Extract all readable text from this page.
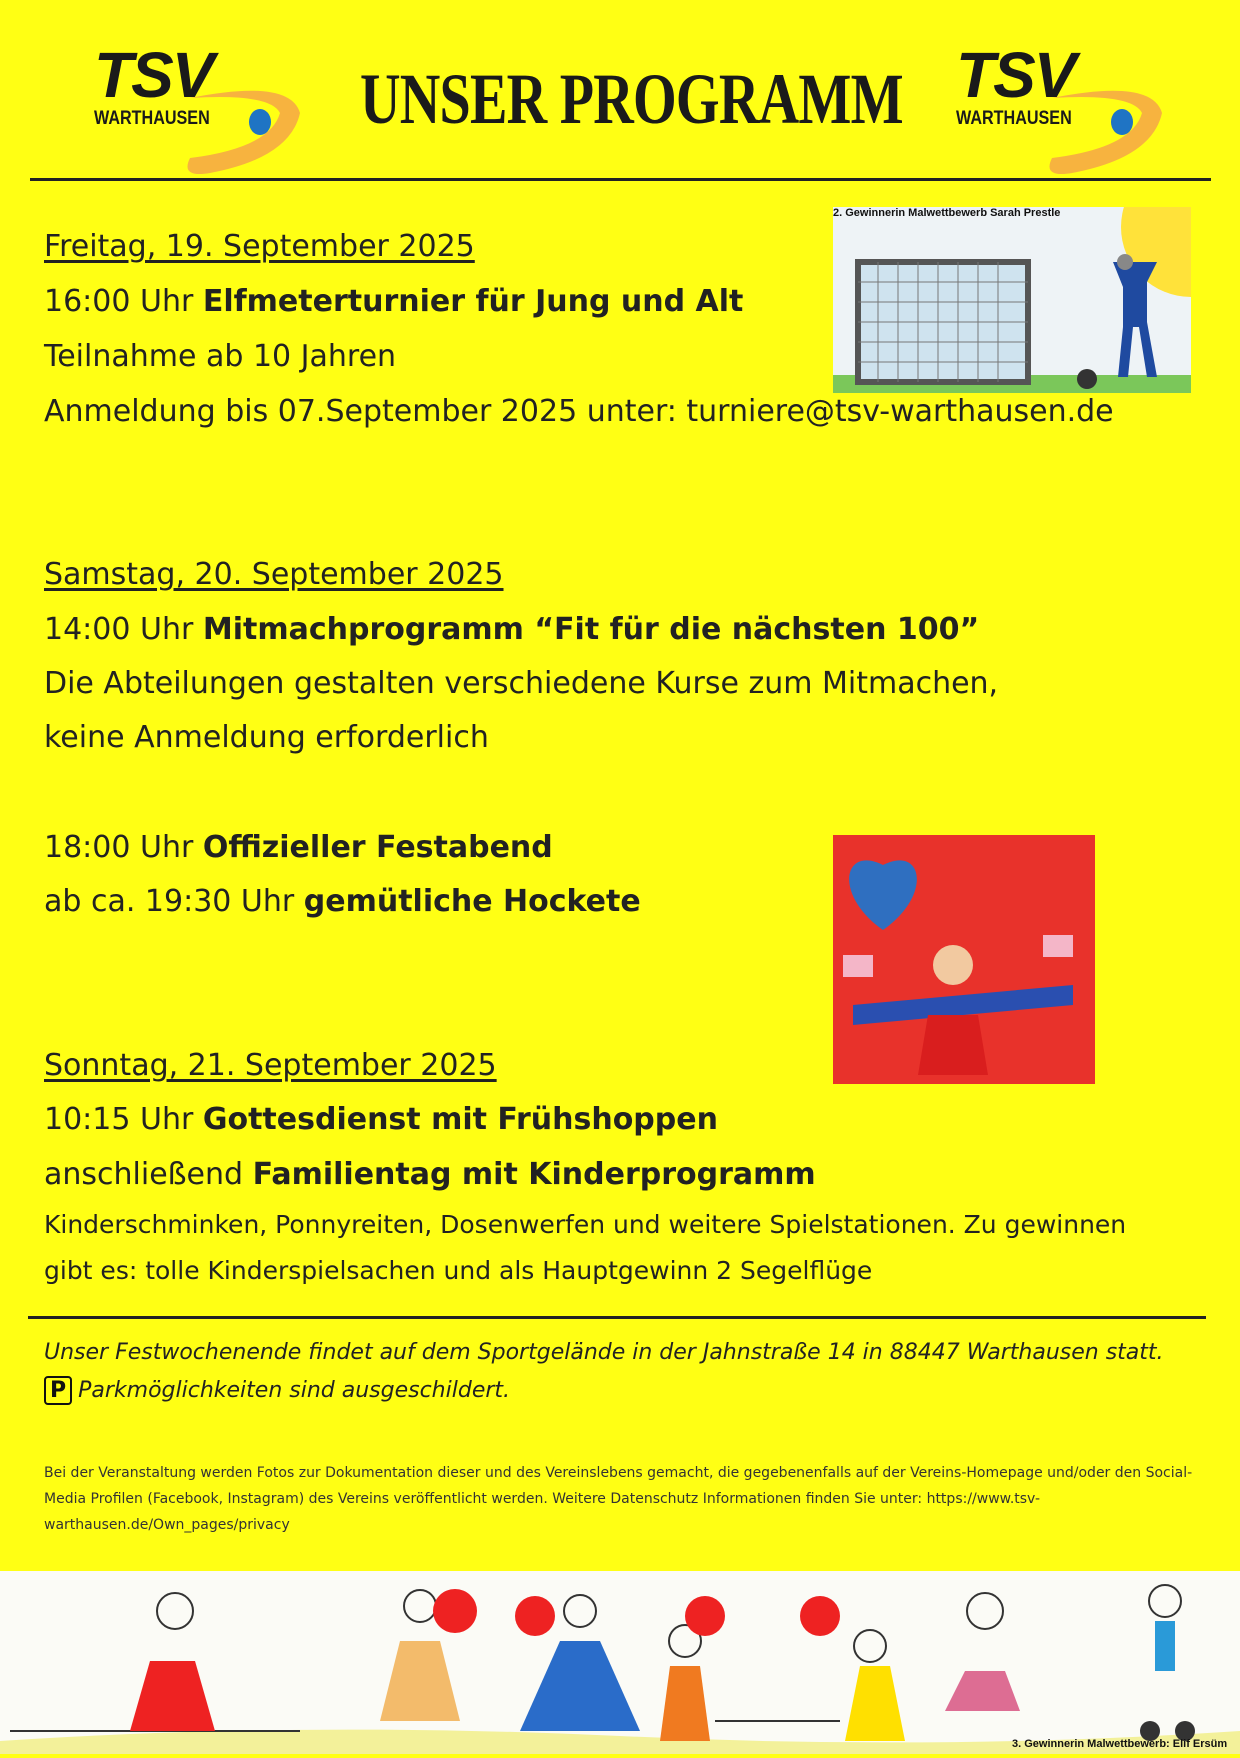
TSV
WARTHAUSEN UNSER PROGRAMM TSV
WARTHAUSEN
2. Gewinnerin Malwettbewerb Sarah Prestle
Freitag, 19. September 2025
16:00 Uhr Elfmeterturnier für Jung und Alt
Teilnahme ab 10 Jahren
Anmeldung bis 07.September 2025 unter: turniere@tsv-warthausen.de
Samstag, 20. September 2025
14:00 Uhr Mitmachprogramm “Fit für die nächsten 100”
Die Abteilungen gestalten verschiedene Kurse zum Mitmachen,
keine Anmeldung erforderlich
18:00 Uhr Offizieller Festabend
ab ca. 19:30 Uhr gemütliche Hockete
Sonntag, 21. September 2025
10:15 Uhr Gottesdienst mit Frühshoppen
anschließend Familientag mit Kinderprogramm
Kinderschminken, Ponnyreiten, Dosenwerfen und weitere Spielstationen. Zu gewinnen
gibt es: tolle Kinderspielsachen und als Hauptgewinn 2 Segelflüge
Unser Festwochenende findet auf dem Sportgelände in der Jahnstraße 14 in 88447 Warthausen statt.
P Parkmöglichkeiten sind ausgeschildert.
Bei der Veranstaltung werden Fotos zur Dokumentation dieser und des Vereinslebens gemacht, die gegebenenfalls auf der Vereins-Homepage und/oder den Social-Media Profilen (Facebook, Instagram) des Vereins veröffentlicht werden. Weitere Datenschutz Informationen finden Sie unter: https://www.tsv-warthausen.de/Own_pages/privacy
3. Gewinnerin Malwettbewerb: Elif Ersüm
